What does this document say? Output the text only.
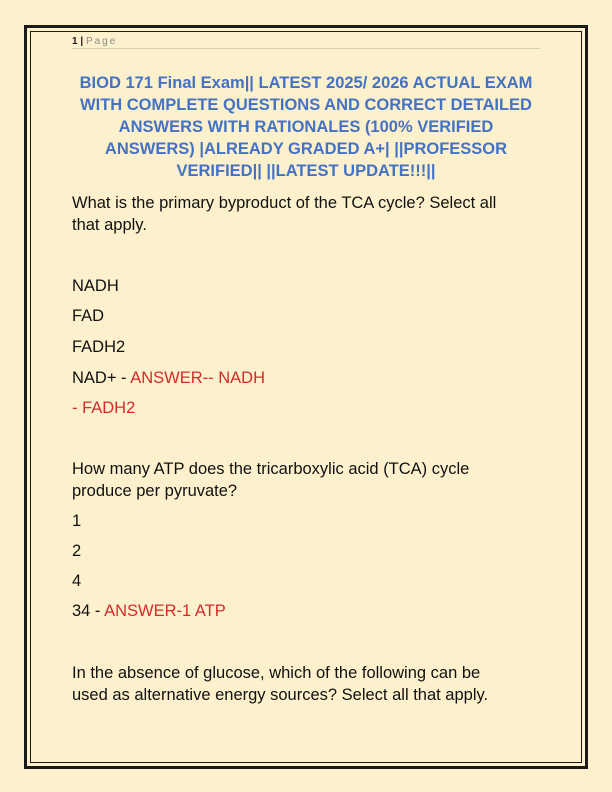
1 | Page
BIOD 171 Final Exam|| LATEST 2025/ 2026 ACTUAL EXAM WITH COMPLETE QUESTIONS AND CORRECT DETAILED ANSWERS WITH RATIONALES (100% VERIFIED ANSWERS) |ALREADY GRADED A+| ||PROFESSOR VERIFIED|| ||LATEST UPDATE!!!||
What is the primary byproduct of the TCA cycle? Select all
that apply.
NADH
FAD
FADH2
NAD+ - ANSWER-- NADH
- FADH2
How many ATP does the tricarboxylic acid (TCA) cycle
produce per pyruvate?
1
2
4
34 - ANSWER-1 ATP
In the absence of glucose, which of the following can be
used as alternative energy sources? Select all that apply.
